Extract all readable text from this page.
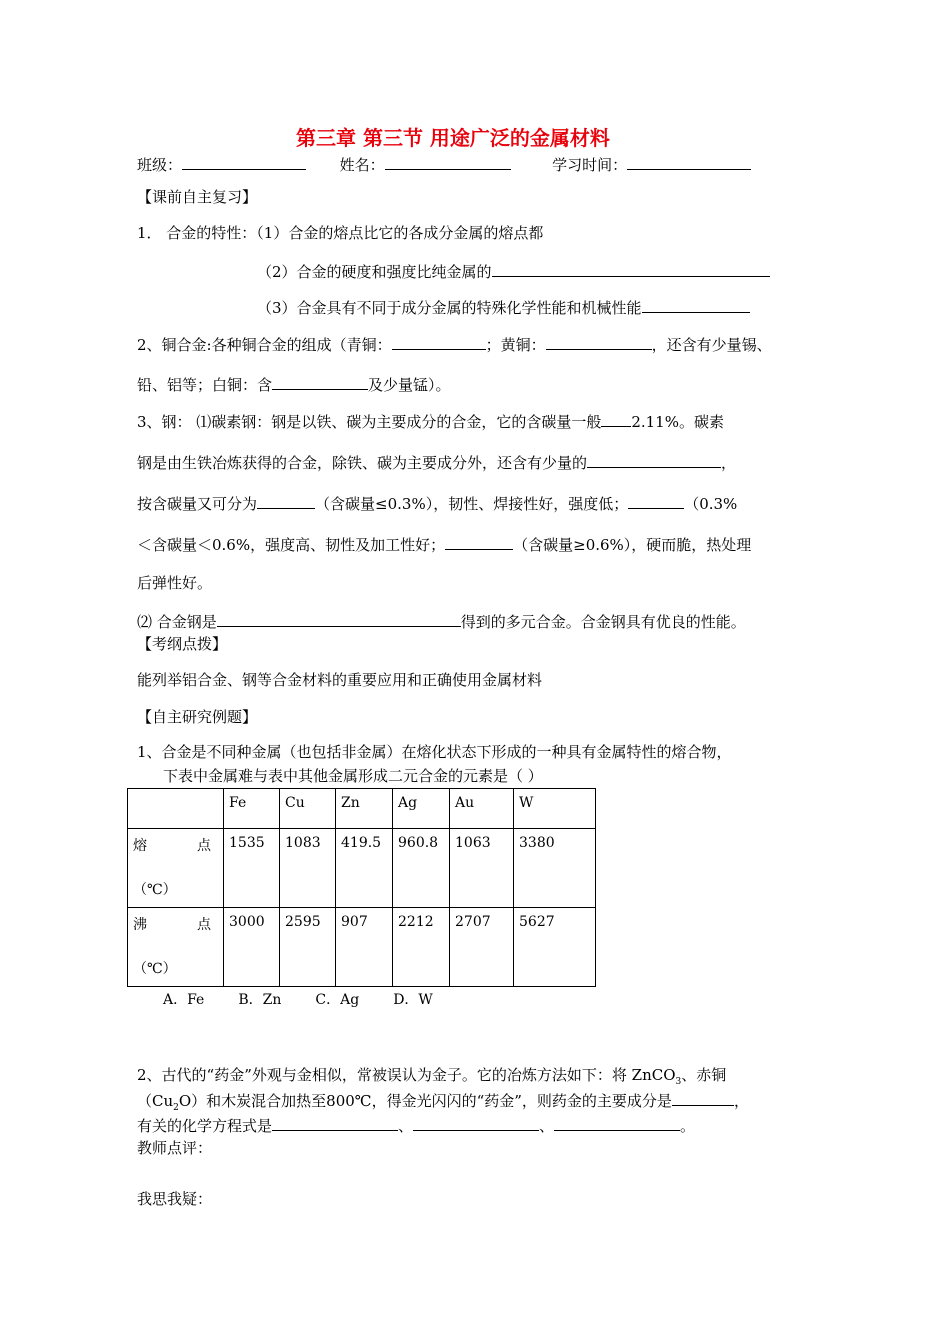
第三章 第三节 用途广泛的金属材料
班级：	姓名：	学习时间：
【课前自主复习】
1． 合金的特性：（1）合金的熔点比它的各成分金属的熔点都
（2）合金的硬度和强度比纯金属的
（3）合金具有不同于成分金属的特殊化学性能和机械性能
2、铜合金:各种铜合金的组成（青铜：	；黄铜：	，还含有少量锡、
铅、铝等；白铜：含	及少量锰）。
3、钢： ⑴碳素钢：钢是以铁、碳为主要成分的合金，它的含碳量一般 2.11%。碳素
钢是由生铁冶炼获得的合金，除铁、碳为主要成分外，还含有少量的	，
按含碳量又可分为	（含碳量≤0.3%），韧性、焊接性好，强度低；	（0.3%
＜含碳量＜0.6%，强度高、韧性及加工性好；	（含碳量≥0.6%），硬而脆，热处理
后弹性好。
⑵ 合金钢是	得到的多元合金。合金钢具有优良的性能。
【考纲点拨】
能列举铝合金、钢等合金材料的重要应用和正确使用金属材料
【自主研究例题】
1、合金是不同种金属（也包括非金属）在熔化状态下形成的一种具有金属特性的熔合物，
下表中金属难与表中其他金属形成二元合金的元素是（ ）
	Fe	Cu	Zn	Ag	Au	W

熔 点
（℃）	1535	1083	419.5	960.8	1063	3380

沸 点
（℃）	3000	2595	907	2212	2707	5627
A．Fe B．Zn C．Ag D．W
2、古代的“药金”外观与金相似，常被误认为金子。它的冶炼方法如下：将 ZnCO$_3$、赤铜
$(Cu_2O)$和木炭混合加热至800℃，得金光闪闪的“药金”，则药金的主要成分是	，
有关的化学方程式是	、	、	。
教师点评：
我思我疑：
